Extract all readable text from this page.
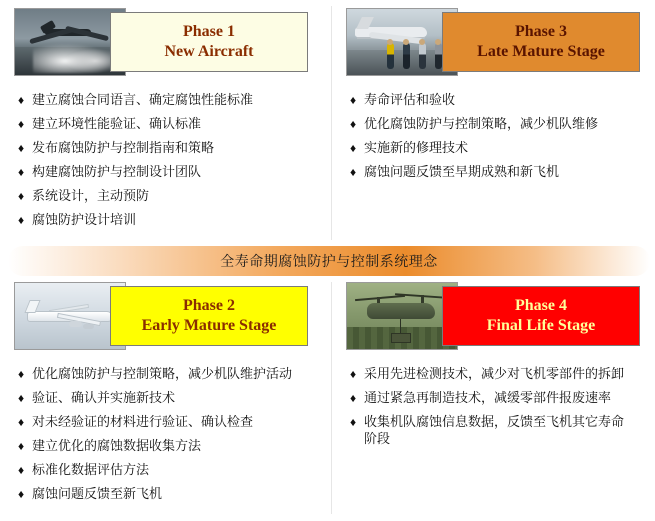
Phase 1
New Aircraft
♦ 建立腐蚀合同语言、确定腐蚀性能标准
♦ 建立环境性能验证、确认标准
♦ 发布腐蚀防护与控制指南和策略
♦ 构建腐蚀防护与控制设计团队
♦ 系统设计，主动预防
♦ 腐蚀防护设计培训
Phase 3
Late Mature Stage
♦ 寿命评估和验收
♦ 优化腐蚀防护与控制策略，减少机队维修
♦ 实施新的修理技术
♦ 腐蚀问题反馈至早期成熟和新飞机
全寿命期腐蚀防护与控制系统理念
Phase 2
Early Mature Stage
♦ 优化腐蚀防护与控制策略，减少机队维护活动
♦ 验证、确认并实施新技术
♦ 对未经验证的材料进行验证、确认检查
♦ 建立优化的腐蚀数据收集方法
♦ 标准化数据评估方法
♦ 腐蚀问题反馈至新飞机
Phase 4
Final Life Stage
♦ 采用先进检测技术，减少对飞机零部件的拆卸
♦ 通过紧急再制造技术，减缓零部件报废速率
♦ 收集机队腐蚀信息数据，反馈至飞机其它寿命阶段
